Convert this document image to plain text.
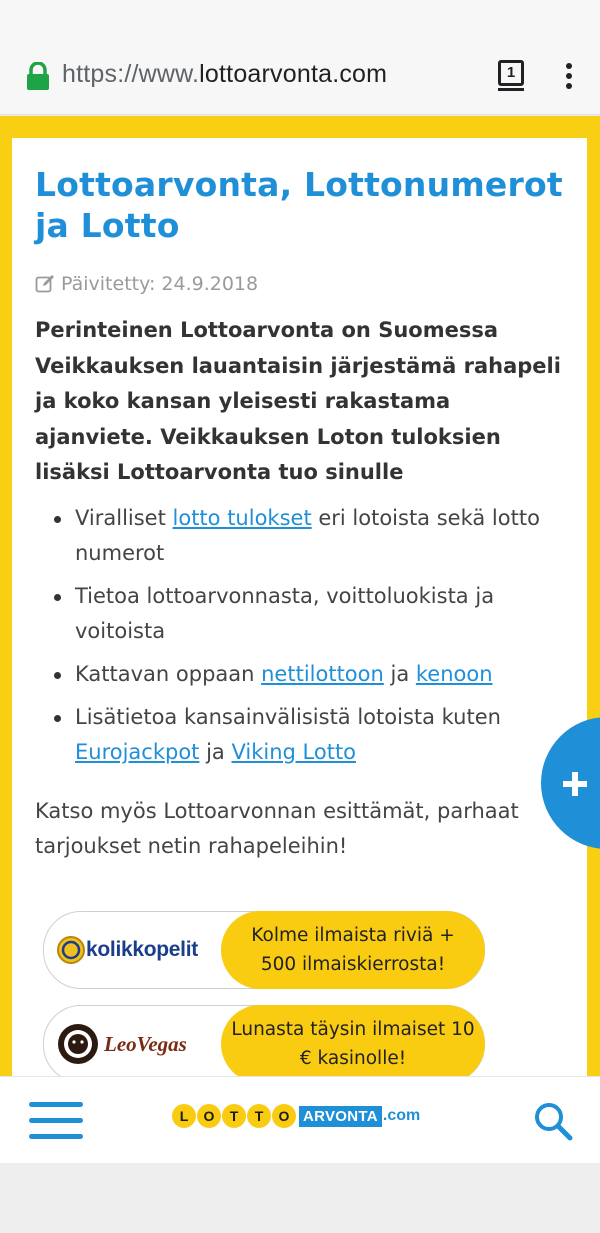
https://www.lottoarvonta.com	1
Lottoarvonta, Lottonumerot ja Lotto
Päivitetty: 24.9.2018
Perinteinen Lottoarvonta on Suomessa Veikkauksen lauantaisin järjestämä rahapeli ja koko kansan yleisesti rakastama ajanviete. Veikkauksen Loton tuloksien lisäksi Lottoarvonta tuo sinulle
Viralliset lotto tulokset eri lotoista sekä lotto numerot
Tietoa lottoarvonnasta, voittoluokista ja voitoista
Kattavan oppaan nettilottoon ja kenoon
Lisätietoa kansainvälisistä lotoista kuten Eurojackpot ja Viking Lotto
Katso myös Lottoarvonnan esittämät, parhaat tarjoukset netin rahapeleihin!
kolikkopelit
Kolme ilmaista riviä + 500 ilmaiskierrosta!
LeoVegas
Lunasta täysin ilmaiset 10 € kasinolle!
L	O	T	T	O ARVONTA .com
